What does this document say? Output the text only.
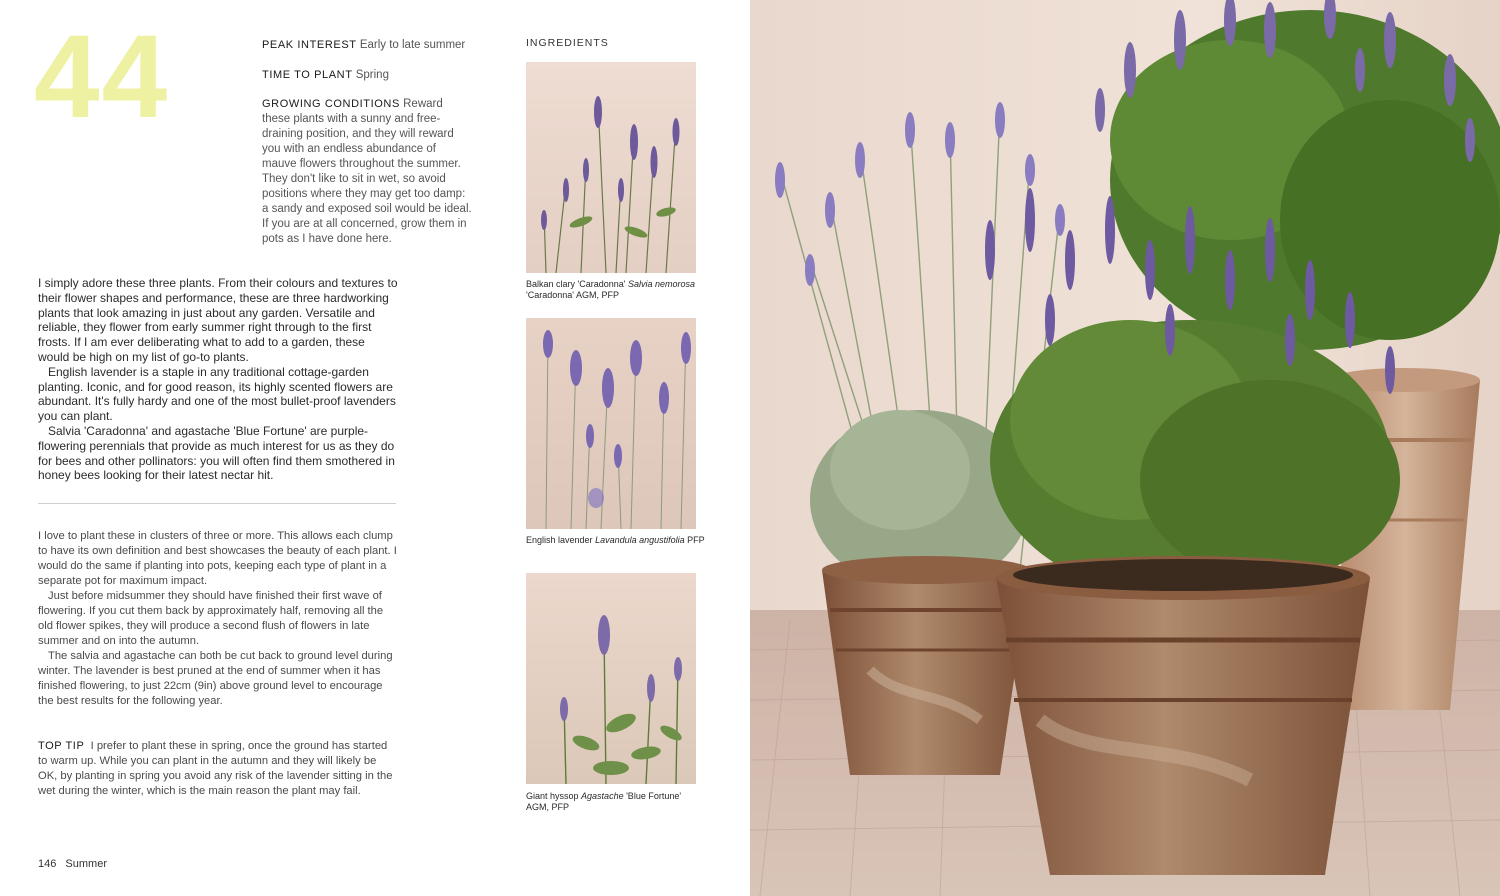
44	PEAK INTEREST Early to late summer
TIME TO PLANT Spring
GROWING CONDITIONS Reward these plants with a sunny and free-draining position, and they will reward you with an endless abundance of mauve flowers throughout the summer. They don't like to sit in wet, so avoid positions where they may get too damp: a sandy and exposed soil would be ideal. If you are at all concerned, grow them in pots as I have done here.

I simply adore these three plants. From their colours and textures to their flower shapes and performance, these are three hardworking plants that look amazing in just about any garden. Versatile and reliable, they flower from early summer right through to the first frosts. If I am ever deliberating what to add to a garden, these would be high on my list of go-to plants.

English lavender is a staple in any traditional cottage-garden planting. Iconic, and for good reason, its highly scented flowers are abundant. It's fully hardy and one of the most bullet-proof lavenders you can plant.

Salvia 'Caradonna' and agastache 'Blue Fortune' are purple-flowering perennials that provide as much interest for us as they do for bees and other pollinators: you will often find them smothered in honey bees looking for their latest nectar hit.

I love to plant these in clusters of three or more. This allows each clump to have its own definition and best showcases the beauty of each plant. I would do the same if planting into pots, keeping each type of plant in a separate pot for maximum impact.

Just before midsummer they should have finished their first wave of flowering. If you cut them back by approximately half, removing all the old flower spikes, they will produce a second flush of flowers in late summer and on into the autumn.

The salvia and agastache can both be cut back to ground level during winter. The lavender is best pruned at the end of summer when it has finished flowering, to just 22cm (9in) above ground level to encourage the best results for the following year.

TOP TIP I prefer to plant these in spring, once the ground has started to warm up. While you can plant in the autumn and they will likely be OK, by planting in spring you avoid any risk of the lavender sitting in the wet during the winter, which is the main reason the plant may fail.

146 Summer
INGREDIENTS
Balkan clary 'Caradonna' Salvia nemorosa 'Caradonna' AGM, PFP
English lavender Lavandula angustifolia PFP
Giant hyssop Agastache 'Blue Fortune' AGM, PFP
